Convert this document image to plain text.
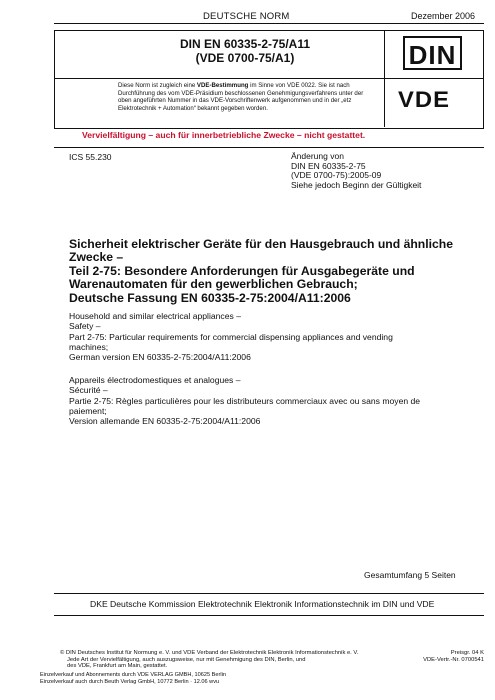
DEUTSCHE NORM	Dezember 2006
DIN EN 60335-2-75/A11
(VDE 0700-75/A1)
Diese Norm ist zugleich eine VDE-Bestimmung im Sinne von VDE 0022. Sie ist nach Durchführung des vom VDE-Präsidium beschlossenen Genehmigungsverfahrens unter der oben angeführten Nummer in das VDE-Vorschriftenwerk aufgenommen und in der „etz Elektrotechnik + Automation“ bekannt gegeben worden.
DIN
VDE
Vervielfältigung – auch für innerbetriebliche Zwecke – nicht gestattet.
ICS 55.230	Änderung von
DIN EN 60335-2-75
(VDE 0700-75):2005-09
Siehe jedoch Beginn der Gültigkeit
Sicherheit elektrischer Geräte für den Hausgebrauch und ähnliche
Zwecke –
Teil 2-75: Besondere Anforderungen für Ausgabegeräte und
Warenautomaten für den gewerblichen Gebrauch;
Deutsche Fassung EN 60335-2-75:2004/A11:2006
Household and similar electrical appliances –
Safety –
Part 2-75: Particular requirements for commercial dispensing appliances and vending
machines;
German version EN 60335-2-75:2004/A11:2006
Appareils électrodomestiques et analogues –
Sécurité –
Partie 2-75: Règles particulières pour les distributeurs commerciaux avec ou sans moyen de
paiement;
Version allemande EN 60335-2-75:2004/A11:2006
Gesamtumfang 5 Seiten
DKE Deutsche Kommission Elektrotechnik Elektronik Informationstechnik im DIN und VDE
© DIN Deutsches Institut für Normung e. V. und VDE Verband der Elektrotechnik Elektronik Informationstechnik e. V.
Jede Art der Vervielfältigung, auch auszugsweise, nur mit Genehmigung des DIN, Berlin, und
des VDE, Frankfurt am Main, gestattet.
Preisgr. 04 K
VDE-Vertr.-Nr. 0700541
Einzelverkauf und Abonnements durch VDE VERLAG GMBH, 10625 Berlin
Einzelverkauf auch durch Beuth Verlag GmbH, 10772 Berlin · 12.06 wvu
